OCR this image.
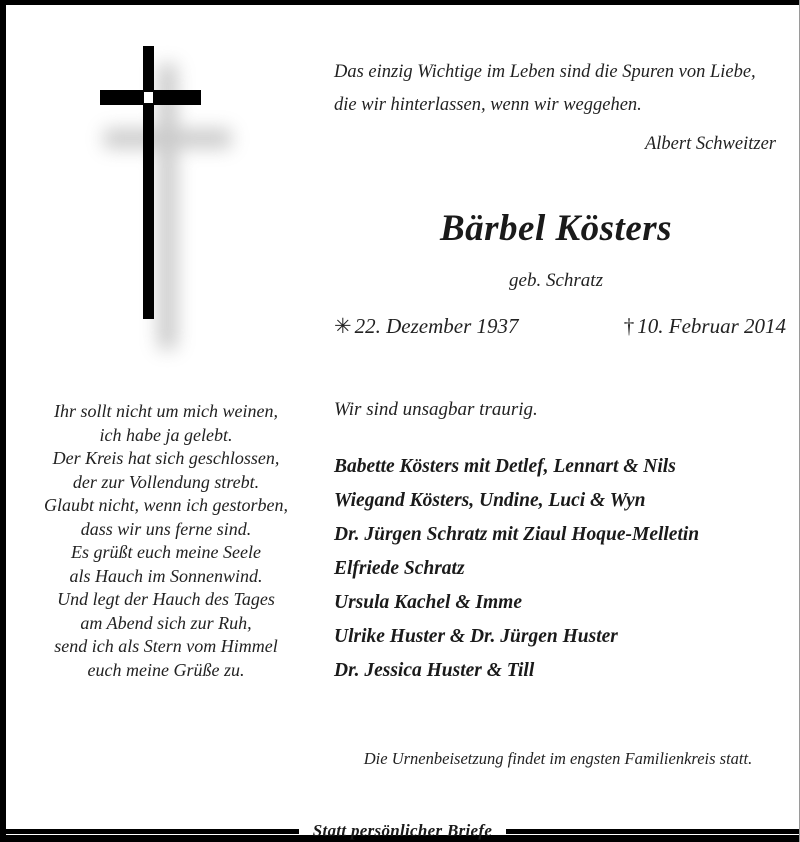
Das einzig Wichtige im Leben sind die Spuren von Liebe, die wir hinterlassen, wenn wir weggehen.
Albert Schweitzer
Bärbel Kösters
geb. Schratz
✳ 22. Dezember 1937	† 10. Februar 2014
Wir sind unsagbar traurig.
Babette Kösters mit Detlef, Lennart & Nils
Wiegand Kösters, Undine, Luci & Wyn
Dr. Jürgen Schratz mit Ziaul Hoque-Melletin
Elfriede Schratz
Ursula Kachel & Imme
Ulrike Huster & Dr. Jürgen Huster
Dr. Jessica Huster & Till
Die Urnenbeisetzung findet im engsten Familienkreis statt.
Ihr sollt nicht um mich weinen,
ich habe ja gelebt.
Der Kreis hat sich geschlossen,
der zur Vollendung strebt.
Glaubt nicht, wenn ich gestorben,
dass wir uns ferne sind.
Es grüßt euch meine Seele
als Hauch im Sonnenwind.
Und legt der Hauch des Tages
am Abend sich zur Ruh,
send ich als Stern vom Himmel
euch meine Grüße zu.
Statt persönlicher Briefe
